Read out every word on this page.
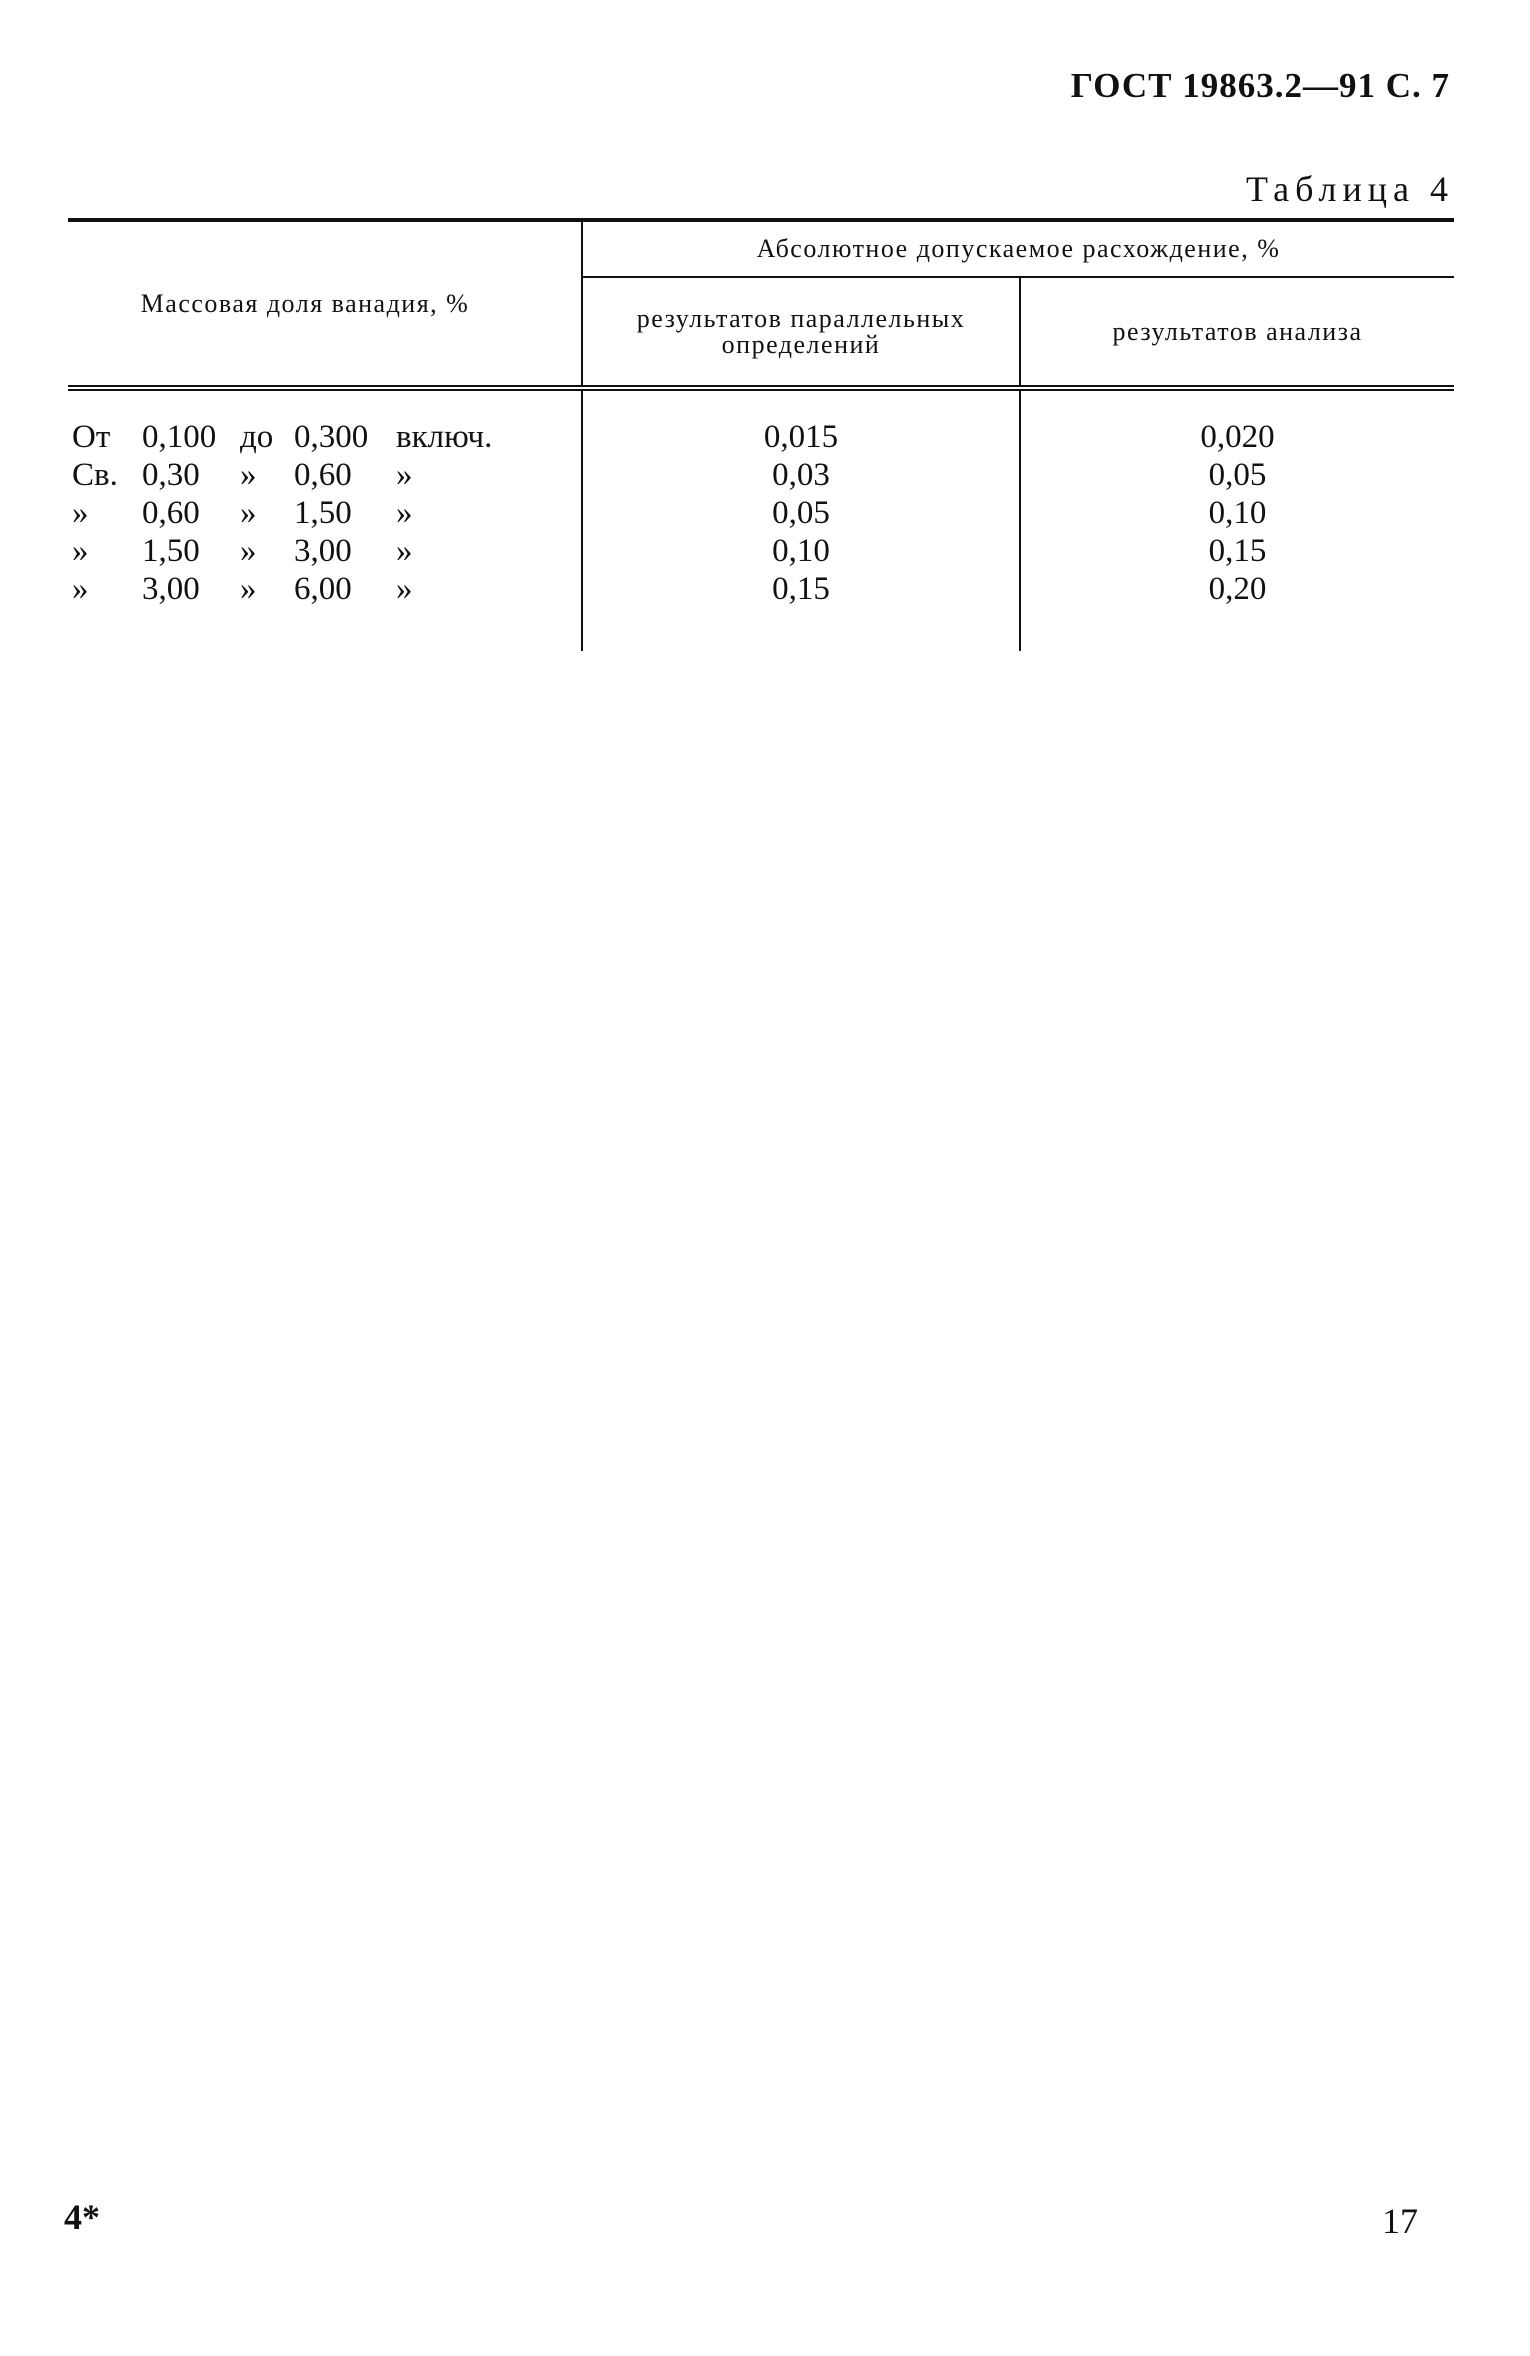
ГОСТ 19863.2—91 С. 7
Таблица 4
Массовая доля ванадия, %	Абсолютное допускаемое расхождение, %	
	результатов параллельных определений	результатов анализа

От 0,100 до 0,300 включ.	0,015	0,020

Св. 0,30 » 0,60 »	0,03	0,05

» 0,60 » 1,50 »	0,05	0,10

» 1,50 » 3,00 »	0,10	0,15

» 3,00 » 6,00 »	0,15	0,20
4*	17
